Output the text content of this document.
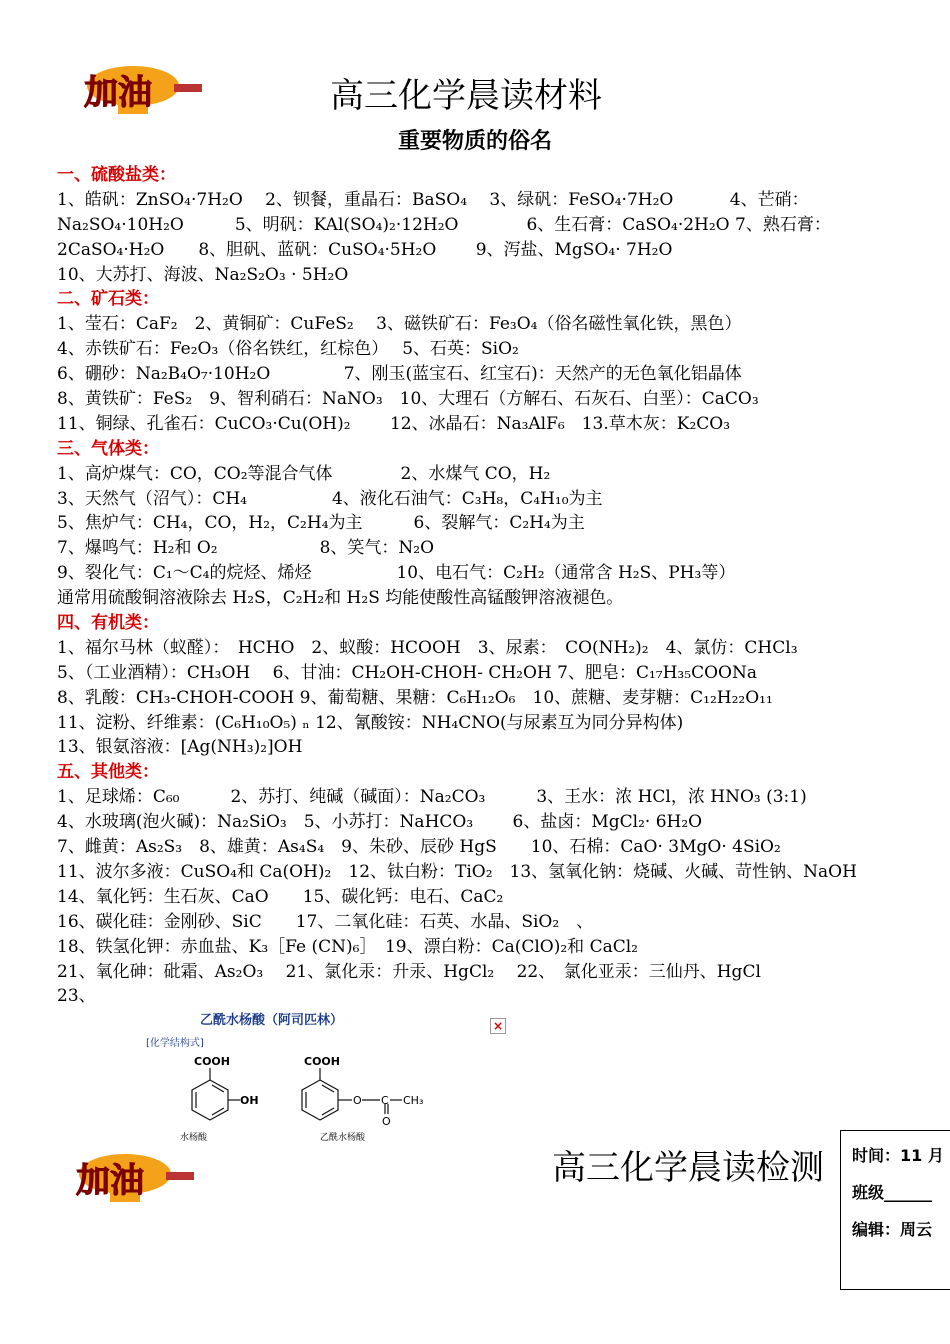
加油	高三化学晨读材料
重要物质的俗名
一、硫酸盐类：
1、皓矾：ZnSO₄·7H₂O　 2、钡餐，重晶石：BaSO₄　 3、绿矾：FeSO₄·7H₂O　　　 4、芒硝：
Na₂SO₄·10H₂O　　　5、明矾：KAl(SO₄)₂·12H₂O　　　　6、生石膏：CaSO₄·2H₂O 7、熟石膏：
2CaSO₄·H₂O　　8、胆矾、蓝矾：CuSO₄·5H₂O　　 9、泻盐、MgSO₄· 7H₂O
10、大苏打、海波、Na₂S₂O₃ · 5H₂O
二、矿石类：
1、莹石：CaF₂　2、黄铜矿：CuFeS₂　 3、磁铁矿石：Fe₃O₄（俗名磁性氧化铁，黑色）
4、赤铁矿石：Fe₂O₃（俗名铁红，红棕色）　 5、石英：SiO₂
6、硼砂：Na₂B₄O₇·10H₂O　　　　 7、刚玉(蓝宝石、红宝石)：天然产的无色氧化铝晶体
8、黄铁矿：FeS₂　9、智利硝石：NaNO₃　10、大理石（方解石、石灰石、白垩）：CaCO₃
11、铜绿、孔雀石：CuCO₃·Cu(OH)₂　　 12、冰晶石：Na₃AlF₆　13.草木灰：K₂CO₃
三、气体类：
1、高炉煤气：CO，CO₂等混合气体　　　　2、水煤气 CO，H₂
3、天然气（沼气）：CH₄　　　　　4、液化石油气：C₃H₈，C₄H₁₀为主
5、焦炉气：CH₄，CO，H₂，C₂H₄为主　　　6、裂解气：C₂H₄为主
7、爆鸣气：H₂和 O₂　　　　　　8、笑气：N₂O
9、裂化气：C₁～C₄的烷烃、烯烃　　　　　10、电石气：C₂H₂（通常含 H₂S、PH₃等）
通常用硫酸铜溶液除去 H₂S，C₂H₂和 H₂S 均能使酸性高锰酸钾溶液褪色。
四、有机类：
1、福尔马林（蚁醛）：　HCHO　2、蚁酸：HCOOH　3、尿素：　CO(NH₂)₂　4、氯仿：CHCl₃
5、（工业酒精）：CH₃OH　 6、甘油：CH₂OH-CHOH- CH₂OH 7、肥皂：C₁₇H₃₅COONa
8、乳酸：CH₃-CHOH-COOH 9、葡萄糖、果糖：C₆H₁₂O₆　10、蔗糖、麦芽糖：C₁₂H₂₂O₁₁
11、淀粉、纤维素：(C₆H₁₀O₅) ₙ 12、氰酸铵：NH₄CNO(与尿素互为同分异构体)
13、银氨溶液：[Ag(NH₃)₂]OH
五、其他类：
1、足球烯：C₆₀　　　2、苏打、纯碱（碱面）：Na₂CO₃　　　3、王水：浓 HCl，浓 HNO₃ (3:1)
4、水玻璃(泡火碱)：Na₂SiO₃　5、小苏打：NaHCO₃　　 6、盐卤：MgCl₂· 6H₂O
7、雌黄：As₂S₃　8、雄黄：As₄S₄　9、朱砂、辰砂 HgS　　10、石棉：CaO· 3MgO· 4SiO₂
11、波尔多液：CuSO₄和 Ca(OH)₂　12、钛白粉：TiO₂　13、氢氧化钠：烧碱、火碱、苛性钠、NaOH
14、氧化钙：生石灰、CaO　　15、碳化钙：电石、CaC₂
16、碳化硅：金刚砂、SiC　　17、二氧化硅：石英、水晶、SiO₂　、
18、铁氢化钾：赤血盐、K₃［Fe (CN)₆］　19、漂白粉：Ca(ClO)₂和 CaCl₂
21、氧化砷：砒霜、As₂O₃　 21、氯化汞：升汞、HgCl₂　 22、　氯化亚汞：三仙丹、HgCl
23、
乙酰水杨酸（阿司匹林）
[化学结构式]
COOH
OH
水杨酸
COOH
O C
O
CH₃
乙酰水杨酸
×
加油	高三化学晨读检测 时间：11 月
班级______
编辑：周云
